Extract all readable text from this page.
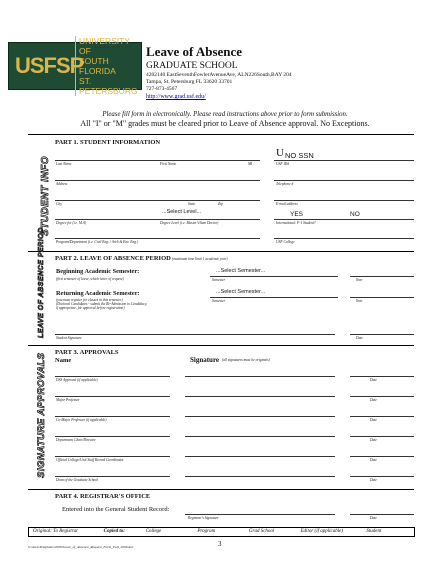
USFSP
UNIVERSITY OF
SOUTH FLORIDA
ST. PETERSBURG
Leave of Absence
GRADUATE SCHOOL
4202140 EastSeventhFowlerAvenueAve, ALN226South,BAY 204
Tampa, St. Petersburg FL 33620 33701
727-873-4567
http://www.grad.usf.edu/
Please fill form in electronically. Please read instructions above prior to form submission.
All "I" or "M" grades must be cleared prior to Leave of Absence approval. No Exceptions.
PART 1. STUDENT INFORMATION
STUDENT INFO
U NO SSN
Last Name	First Name	MI	USF ID#
Address	Telephone #
City	State	Zip	E-mail address
...Select Level...	YES	NO
Degree for (i.e. M.A)	Degree Level (i.e. Master's/Sum Doctor)	International: F-1 Student?
Program/Department (i.e. Civil Eng. / Arch & Env. Eng.)	USF College
PART 2. LEAVE OF ABSENCE PERIOD (maximum time limit 1 academic year)
LEAVE OF ABSENCE PERIOD Beginning Academic Semester:
(first semester of leave, which letter of request)
...Select Semester...
Semester	Year
Returning Academic Semester:
(you must register for classes in this semester)
(Doctoral Candidates - submit the Re-Admission to Candidacy,
if appropriate, for approval before registration)
...Select Semester...
Semester	Year
Student Signature	Date
PART 3. APPROVALS
Name	Signature (all signatures must be originals)
SIGNATURE APPROVALS	DSS Approval (if applicable)	Date
Major Professor	Date
Co-Major Professor (if applicable)	Date
Department Chair/Director	Date
Official College/Unit Staff Record Coordinator	Date
Dean of the Graduate School	Date
PART 4. REGISTRAR'S OFFICE
Entered into the General Student Record:
Registrar's Signature	Date
Original: To Registrar	Copied to:	College	Program	Grad School	Editor (if applicable)	Student
3
S:\Area\Templates\2006\Leave_of_Absence_Request_Form_Fall_2006.doc
